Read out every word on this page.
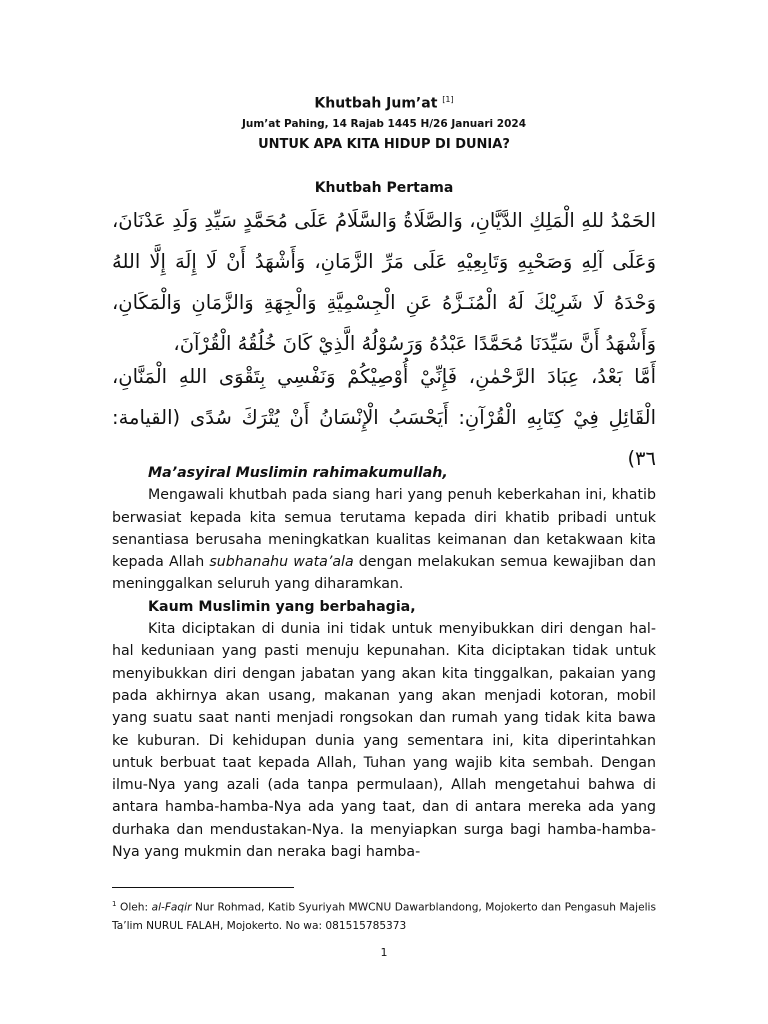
Khutbah Jum’at [1]
Jum’at Pahing, 14 Rajab 1445 H/26 Januari 2024
UNTUK APA KITA HIDUP DI DUNIA?
Khutbah Pertama
الحَمْدُ للهِ الْمَلِكِ الدَّيَّانِ، وَالصَّلَاةُ وَالسَّلَامُ عَلَى مُحَمَّدٍ سَيِّدِ وَلَدِ عَدْنَانَ، وَعَلَى آلِهِ وَصَحْبِهِ وَتَابِعِيْهِ عَلَى مَرِّ الزَّمَانِ، وَأَشْهَدُ أَنْ لَا إِلَهَ إِلَّا اللهُ وَحْدَهُ لَا شَرِيْكَ لَهُ الْمُنَـزَّهُ عَنِ الْجِسْمِيَّةِ وَالْجِهَةِ وَالزَّمَانِ وَالْمَكَانِ، وَأَشْهَدُ أَنَّ سَيِّدَنَا مُحَمَّدًا عَبْدُهُ وَرَسُوْلُهُ الَّذِيْ كَانَ خُلُقُهُ الْقُرْآنَ،
أَمَّا بَعْدُ، عِبَادَ الرَّحْمٰنِ، فَإِنِّيْ أُوْصِيْكُمْ وَنَفْسِي بِتَقْوَى اللهِ الْمَنَّانِ، الْقَائِلِ فِيْ كِتَابِهِ الْقُرْآنِ: أَيَحْسَبُ الْإِنْسَانُ أَنْ يُتْرَكَ سُدًى (القيامة: ٣٦)

Ma’asyiral Muslimin rahimakumullah,

Mengawali khutbah pada siang hari yang penuh keberkahan ini, khatib berwasiat kepada kita semua terutama kepada diri khatib pribadi untuk senantiasa berusaha meningkatkan kualitas keimanan dan ketakwaan kita kepada Allah subhanahu wata’ala dengan melakukan semua kewajiban dan meninggalkan seluruh yang diharamkan.

Kaum Muslimin yang berbahagia,

Kita diciptakan di dunia ini tidak untuk menyibukkan diri dengan hal-hal keduniaan yang pasti menuju kepunahan. Kita diciptakan tidak untuk menyibukkan diri dengan jabatan yang akan kita tinggalkan, pakaian yang pada akhirnya akan usang, makanan yang akan menjadi kotoran, mobil yang suatu saat nanti menjadi rongsokan dan rumah yang tidak kita bawa ke kuburan. Di kehidupan dunia yang sementara ini, kita diperintahkan untuk berbuat taat kepada Allah, Tuhan yang wajib kita sembah. Dengan ilmu-Nya yang azali (ada tanpa permulaan), Allah mengetahui bahwa di antara hamba-hamba-Nya ada yang taat, dan di antara mereka ada yang durhaka dan mendustakan-Nya. Ia menyiapkan surga bagi hamba-hamba-Nya yang mukmin dan neraka bagi hamba-

$^1$ Oleh: al-Faqir Nur Rohmad, Katib Syuriyah MWCNU Dawarblandong, Mojokerto dan Pengasuh Majelis Ta’lim NURUL FALAH, Mojokerto. No wa: 081515785373
1
